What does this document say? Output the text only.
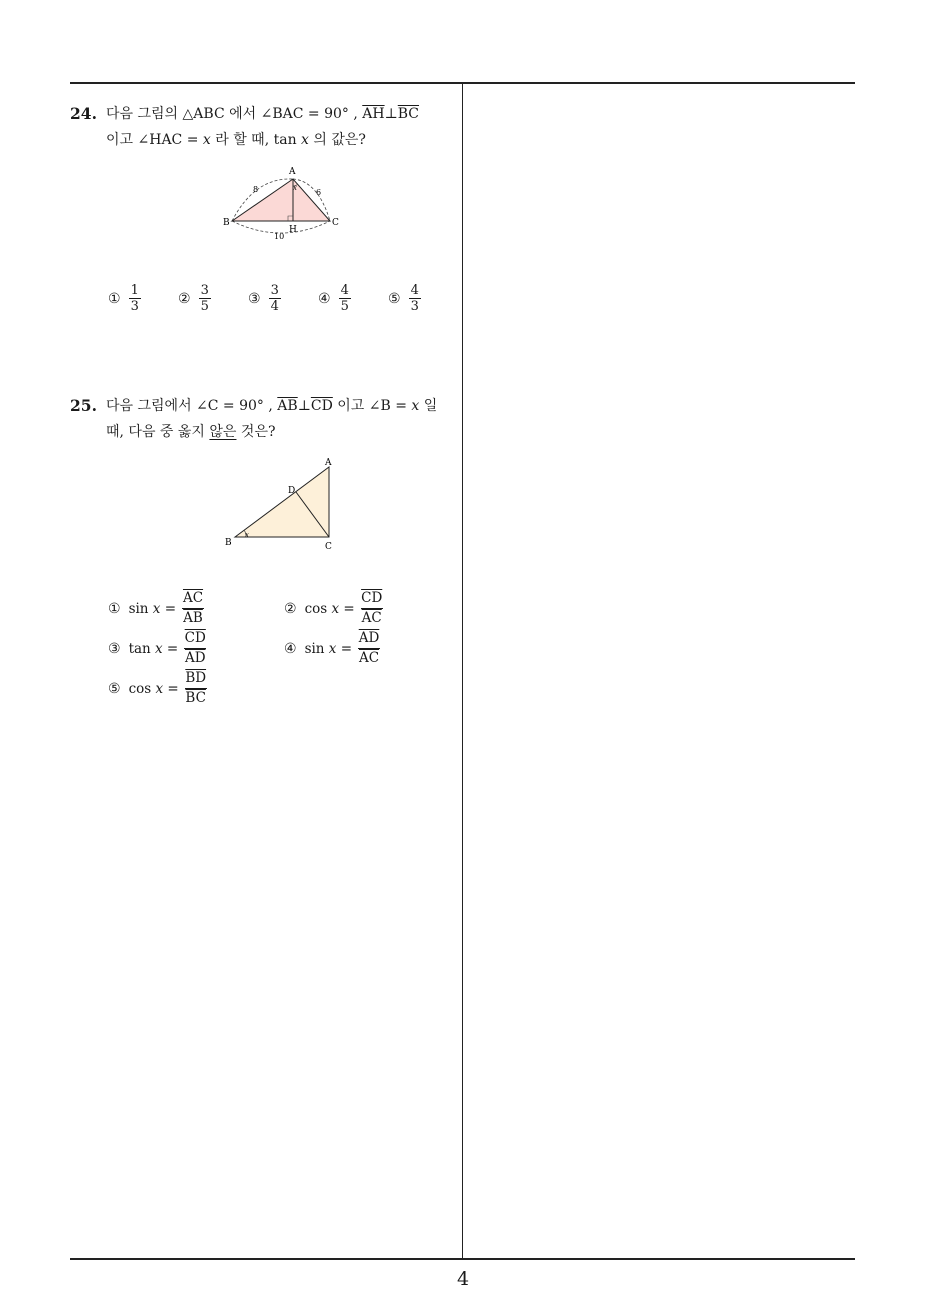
24. 다음 그림의 △ABC 에서 ∠BAC = 90° , $\overline{AH}\perp\overline{BC}$
이고 ∠HAC = 𝑥 라 할 때, tan 𝑥 의 값은?
A
B	C
H
x
8	6
10
① $\frac{1}{3}$	② $\frac{3}{5}$	③ $\frac{3}{4}$	④ $\frac{4}{5}$	⑤ $\frac{4}{3}$
25. 다음 그림에서 ∠C = 90° , $\overline{AB}\perp\overline{CD}$ 이고 ∠B = 𝑥 일
때, 다음 중 옳지 않은 것은?
A
B	C
D
x
① sin 𝑥 = $\frac{\overline{AC}}{AB}$	② cos 𝑥 = $\frac{\overline{CD}}{AC}$
③ tan 𝑥 = $\frac{\overline{CD}}{AD}$	④ sin 𝑥 = $\frac{\overline{AD}}{AC}$
⑤ cos 𝑥 = $\frac{\overline{BD}}{BC}$
4
